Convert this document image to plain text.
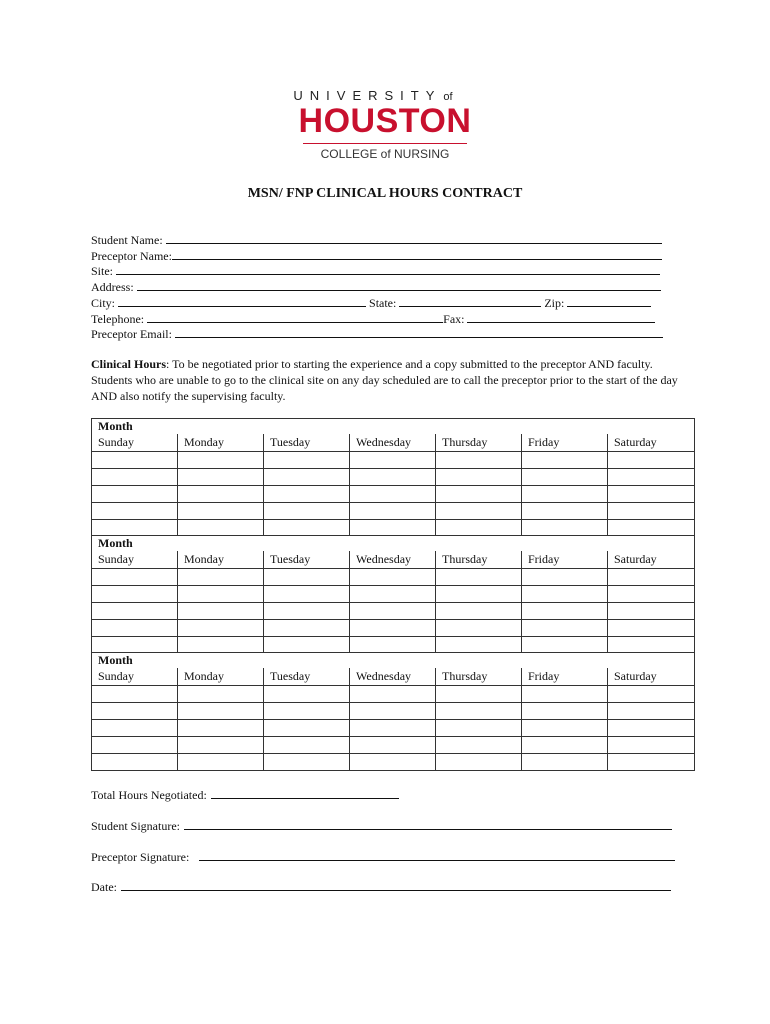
UNIVERSITY of
HOUSTON
COLLEGE of NURSING
MSN/ FNP CLINICAL HOURS CONTRACT
Student Name:
Preceptor Name:
Site:
Address:
City:	State:	Zip:
Telephone:	Fax:
Preceptor Email:
Clinical Hours: To be negotiated prior to starting the experience and a copy submitted to the preceptor AND faculty. Students who are unable to go to the clinical site on any day scheduled are to call the preceptor prior to the start of the day AND also notify the supervising faculty.
Month						
Sunday	Monday	Tuesday	Wednesday	Thursday	Friday	Saturday

Month						
Sunday	Monday	Tuesday	Wednesday	Thursday	Friday	Saturday

Month						
Sunday	Monday	Tuesday	Wednesday	Thursday	Friday	Saturday

Total Hours Negotiated:
Student Signature:
Preceptor Signature:
Date:
